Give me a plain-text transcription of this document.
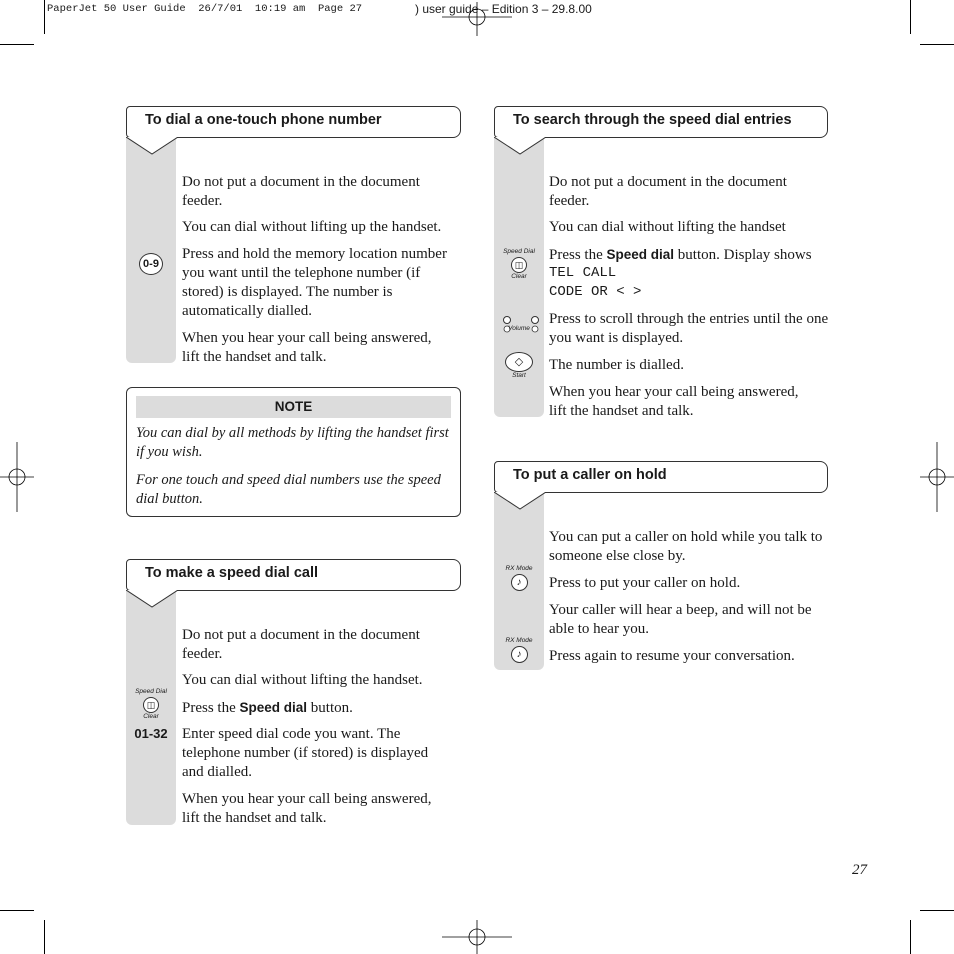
PaperJet 50 User Guide  26/7/01  10:19 am  Page 27	) user guide – Edition 3 – 29.8.00
To dial a one-touch phone number
0-9
Do not put a document in the document feeder.
You can dial without lifting up the handset.
Press and hold the memory location number you want until the telephone number (if stored) is displayed. The number is automatically dialled.
When you hear your call being answered, lift the handset and talk.
NOTE
You can dial by all methods by lifting the handset first if you wish.
For one touch and speed dial numbers use the speed dial button.
To make a speed dial call
Speed Dial
◫
Clear
01-32
Do not put a document in the document feeder.
You can dial without lifting the handset.
Press the Speed dial button.
Enter speed dial code you want. The telephone number (if stored) is displayed and dialled.
When you hear your call being answered, lift the handset and talk.
To search through the speed dial entries
Speed Dial
◫
Clear
Volume
◇
Start
Do not put a document in the document feeder.
You can dial without lifting the handset
Press the Speed dial button. Display shows
TEL CALL
CODE OR < >
Press to scroll through the entries until the one you want is displayed.
The number is dialled.
When you hear your call being answered, lift the handset and talk.
To put a caller on hold
RX Mode
♪
RX Mode
♪
You can put a caller on hold while you talk to someone else close by.
Press to put your caller on hold.
Your caller will hear a beep, and will not be able to hear you.
Press again to resume your conversation.
27
